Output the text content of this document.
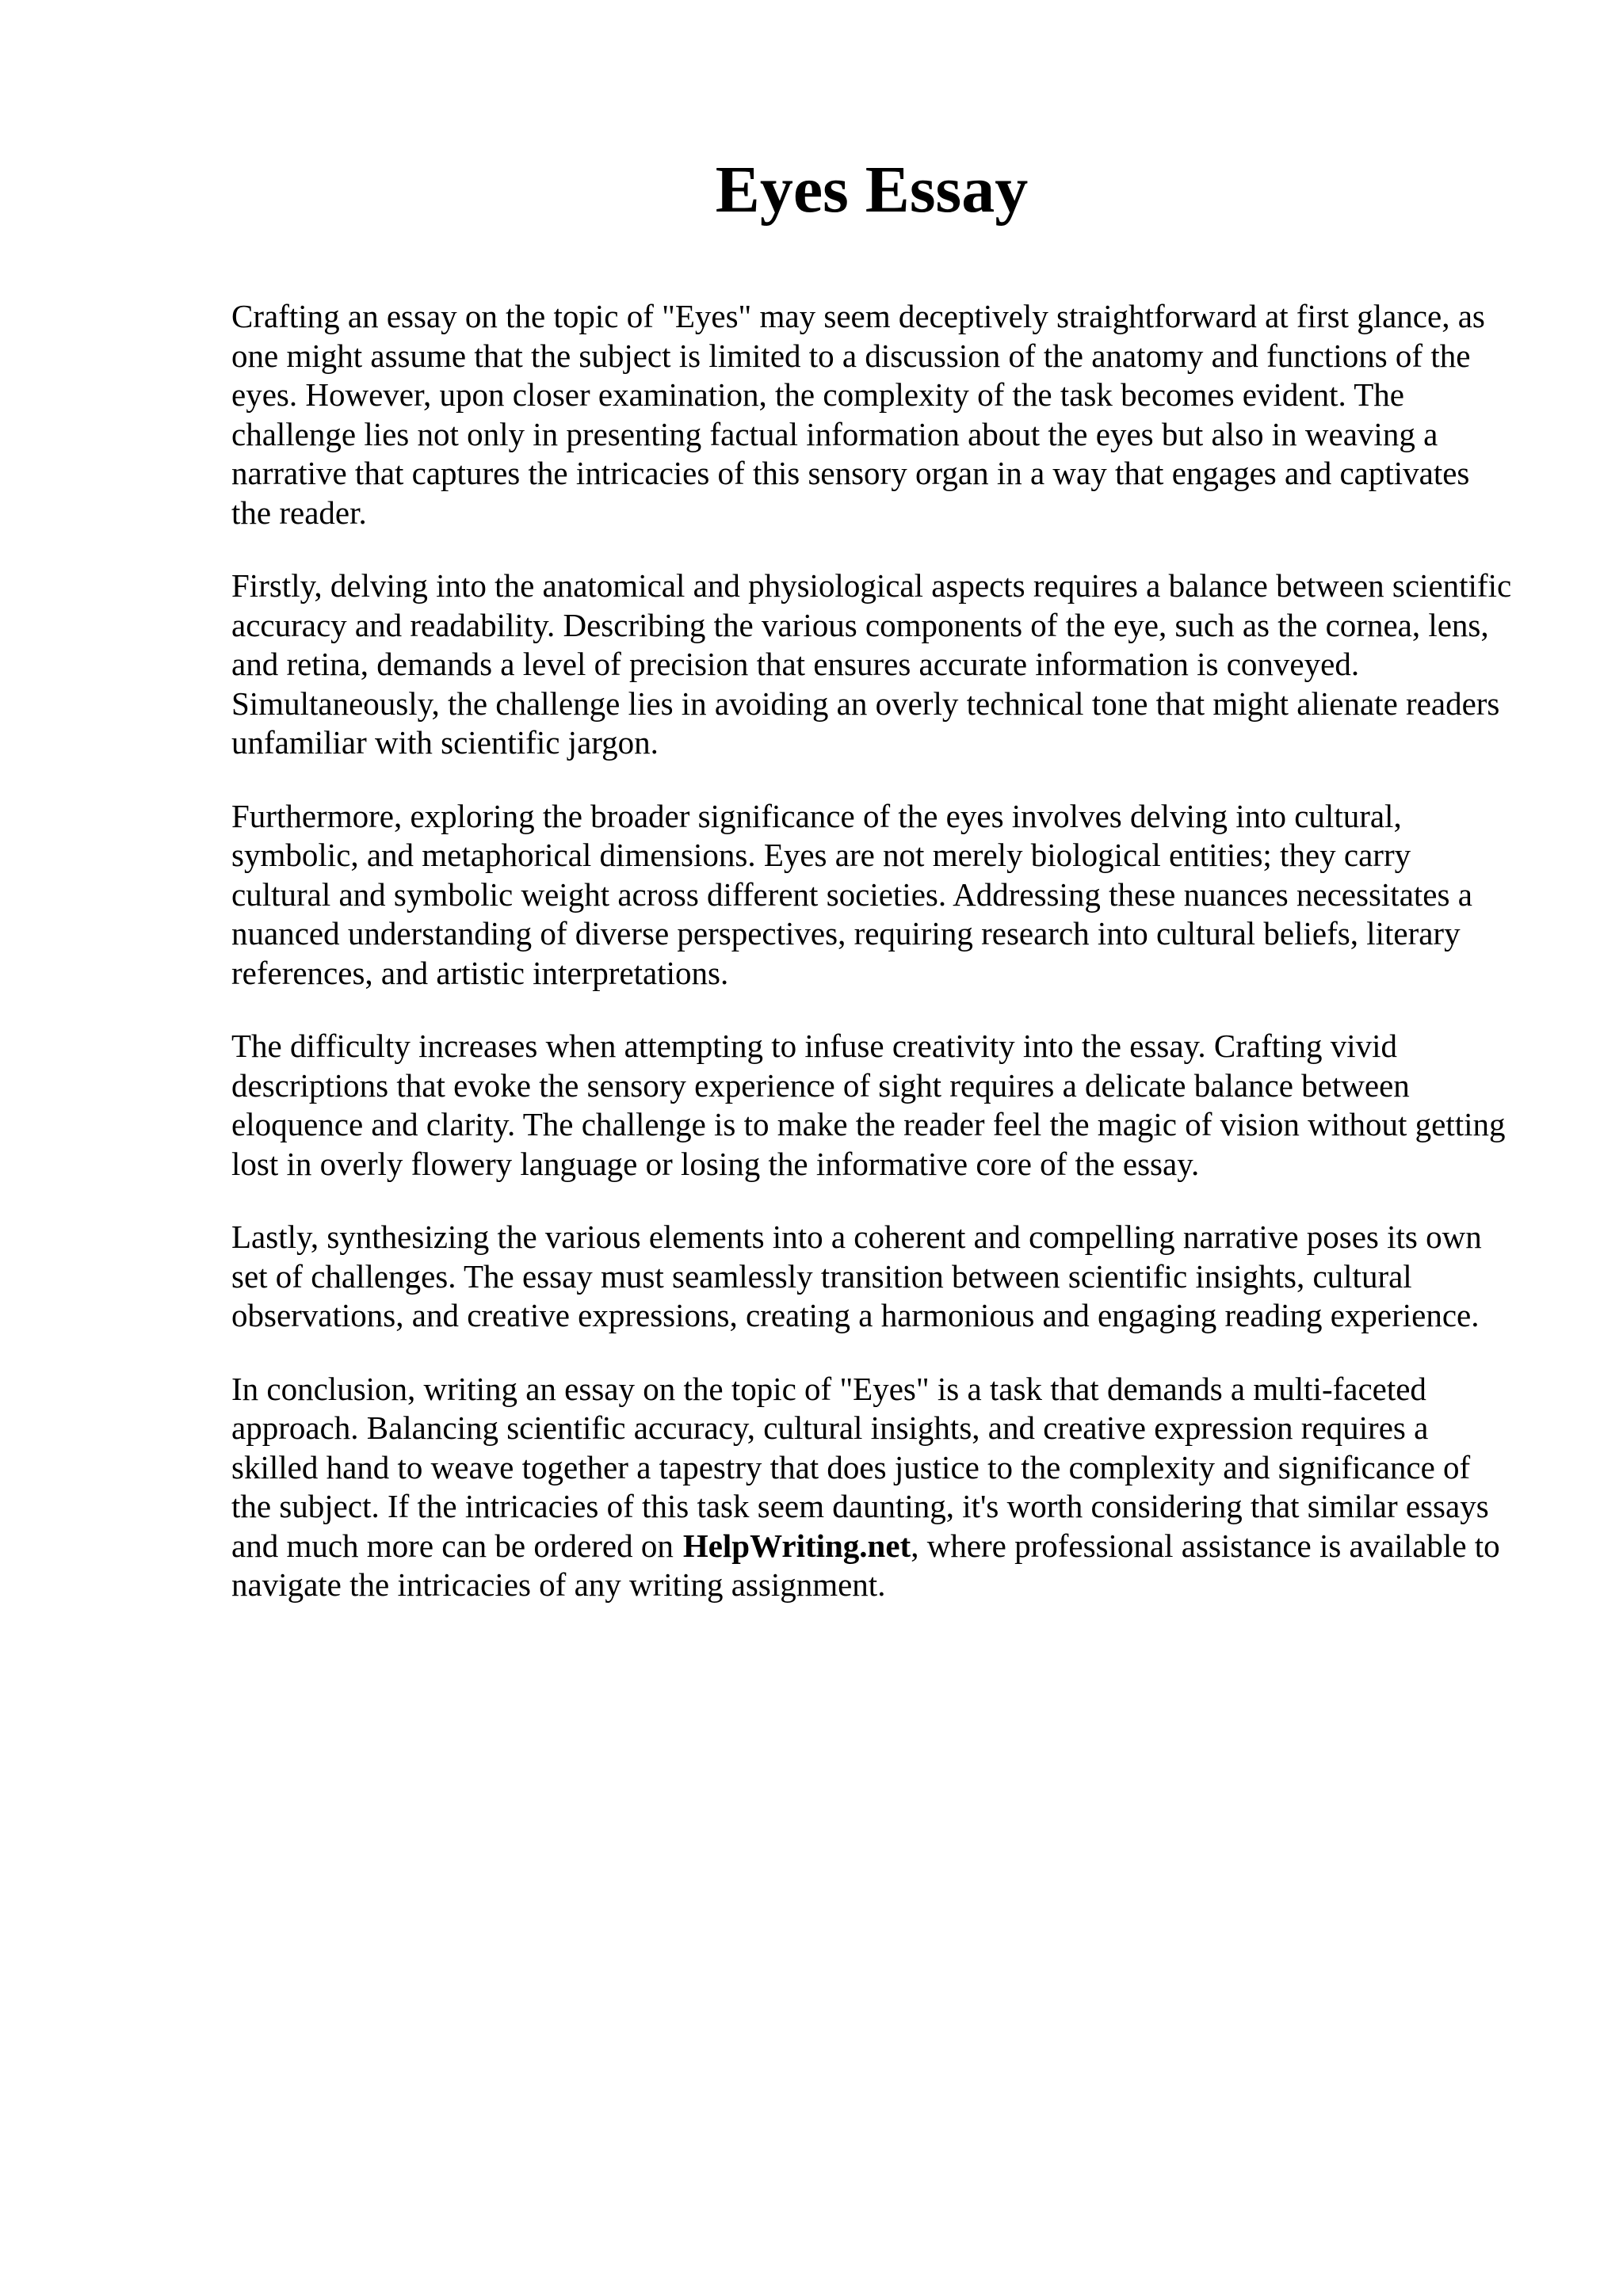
Eyes Essay

Crafting an essay on the topic of "Eyes" may seem deceptively straightforward at first glance, as one might assume that the subject is limited to a discussion of the anatomy and functions of the eyes. However, upon closer examination, the complexity of the task becomes evident. The challenge lies not only in presenting factual information about the eyes but also in weaving a narrative that captures the intricacies of this sensory organ in a way that engages and captivates the reader.

Firstly, delving into the anatomical and physiological aspects requires a balance between scientific accuracy and readability. Describing the various components of the eye, such as the cornea, lens, and retina, demands a level of precision that ensures accurate information is conveyed. Simultaneously, the challenge lies in avoiding an overly technical tone that might alienate readers unfamiliar with scientific jargon.

Furthermore, exploring the broader significance of the eyes involves delving into cultural, symbolic, and metaphorical dimensions. Eyes are not merely biological entities; they carry cultural and symbolic weight across different societies. Addressing these nuances necessitates a nuanced understanding of diverse perspectives, requiring research into cultural beliefs, literary references, and artistic interpretations.

The difficulty increases when attempting to infuse creativity into the essay. Crafting vivid descriptions that evoke the sensory experience of sight requires a delicate balance between eloquence and clarity. The challenge is to make the reader feel the magic of vision without getting lost in overly flowery language or losing the informative core of the essay.

Lastly, synthesizing the various elements into a coherent and compelling narrative poses its own set of challenges. The essay must seamlessly transition between scientific insights, cultural observations, and creative expressions, creating a harmonious and engaging reading experience.

In conclusion, writing an essay on the topic of "Eyes" is a task that demands a multi-faceted approach. Balancing scientific accuracy, cultural insights, and creative expression requires a skilled hand to weave together a tapestry that does justice to the complexity and significance of the subject. If the intricacies of this task seem daunting, it's worth considering that similar essays and much more can be ordered on HelpWriting.net, where professional assistance is available to navigate the intricacies of any writing assignment.
